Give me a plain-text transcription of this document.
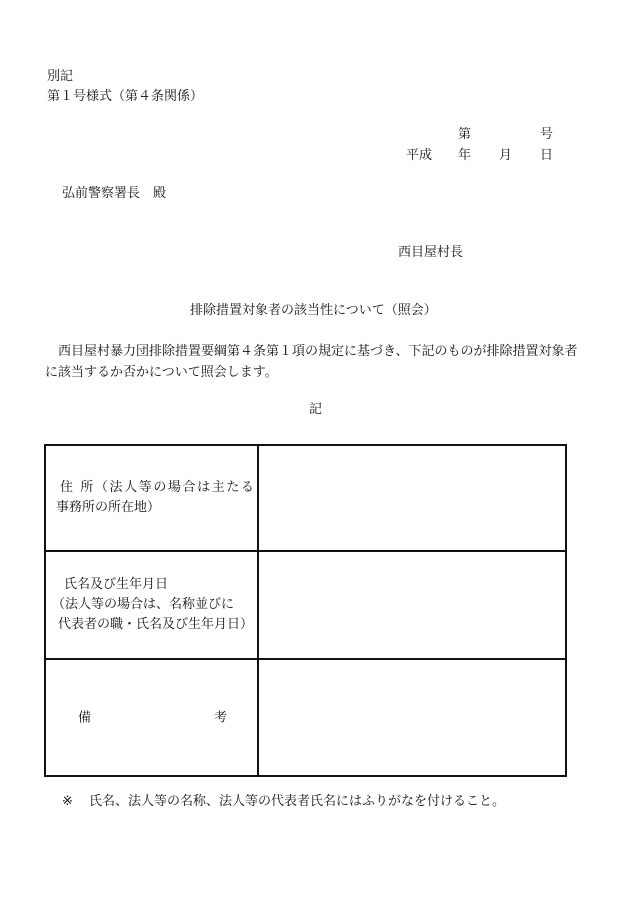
別記
第１号様式（第４条関係）
第	号
平成 年 月 日
弘前警察署長　殿
西目屋村長
排除措置対象者の該当性について（照会）
西目屋村暴力団排除措置要綱第４条第１項の規定に基づき、下記のものが排除措置対象者
に該当するか否かについて照会します。
記
住 所（法人等の場合は主たる
事務所の所在地）	

氏名及び生年月日
（法人等の場合は、名称並びに
代表者の職・氏名及び生年月日）	

備 考	

※ 氏名、法人等の名称、法人等の代表者氏名にはふりがなを付けること。
